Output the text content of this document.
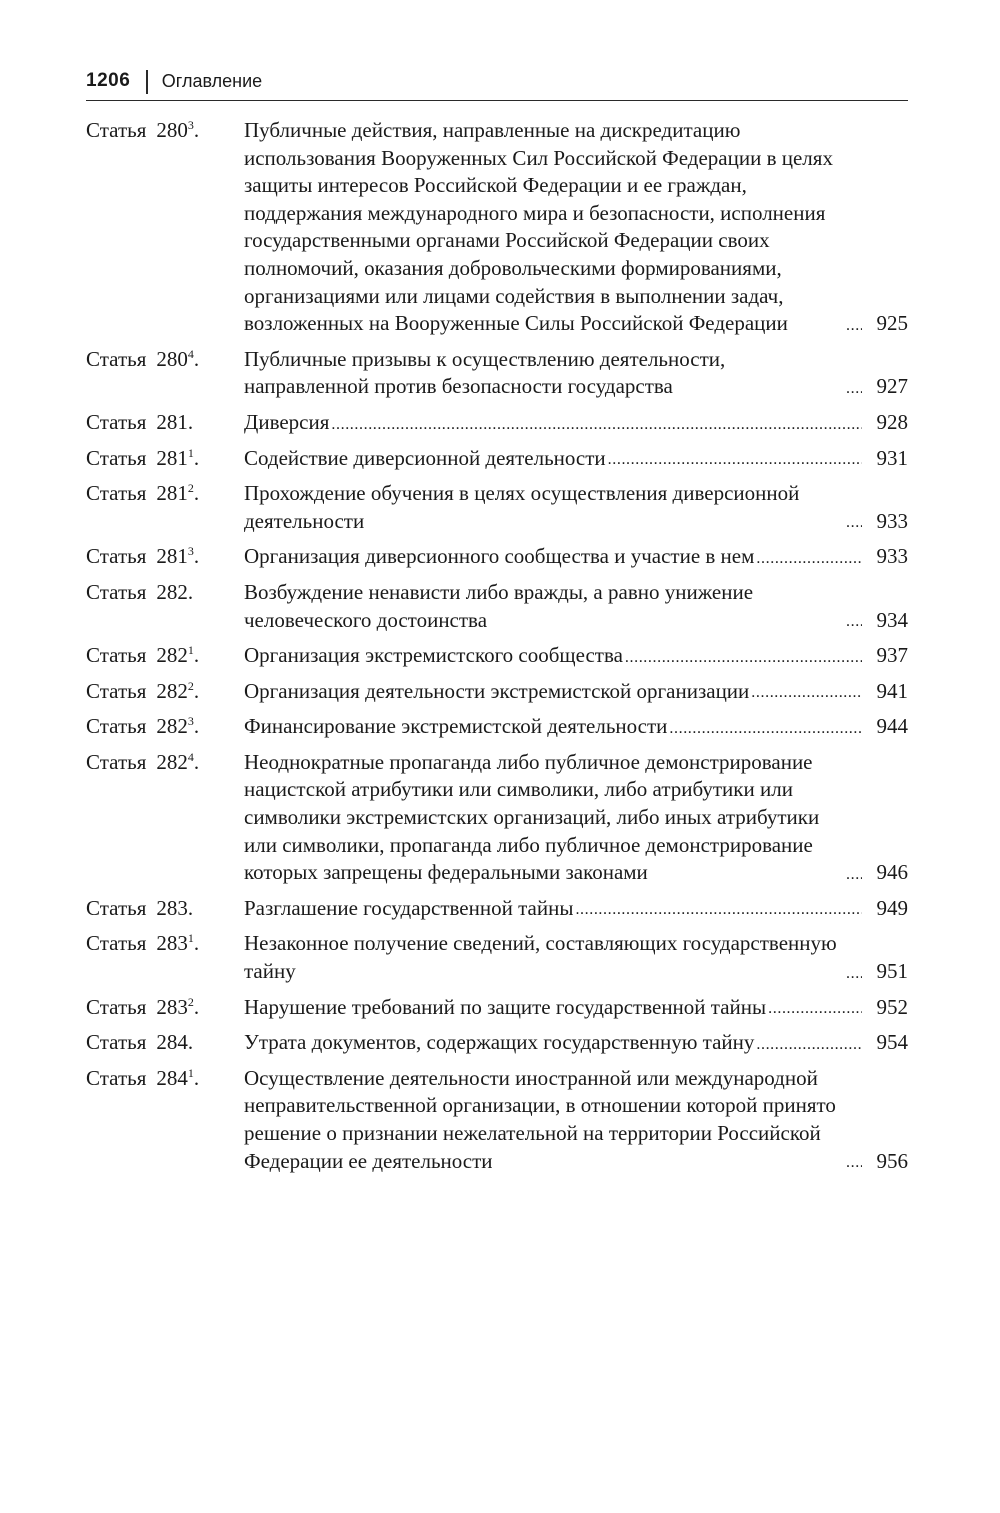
1206 Оглавление
Статья $280^3$.	Публичные действия, направленные на дискредитацию использования Вооруженных Сил Российской Федерации в целях защиты интересов Российской Федерации и ее граждан, поддержания международного мира и безопасности, исполнения государственными органами Российской Федерации своих полномочий, оказания добровольческими формированиями, организациями или лицами содействия в выполнении задач, возложенных на Вооруженные Силы Российской Федерации .....	925
Статья $280^4$.	Публичные призывы к осуществлению деятельности, направленной против безопасности государства .....	927
Статья 281.	Диверсия .....	928
Статья $281^1$.	Содействие диверсионной деятельности .....	931
Статья $281^2$.	Прохождение обучения в целях осуществления диверсионной деятельности .....	933
Статья $281^3$.	Организация диверсионного сообщества и участие в нем .....	933
Статья 282.	Возбуждение ненависти либо вражды, а равно унижение человеческого достоинства .....	934
Статья $282^1$.	Организация экстремистского сообщества .....	937
Статья $282^2$.	Организация деятельности экстремистской организации .....	941
Статья $282^3$.	Финансирование экстремистской деятельности .....	944
Статья $282^4$.	Неоднократные пропаганда либо публичное демонстрирование нацистской атрибутики или символики, либо атрибутики или символики экстремистских организаций, либо иных атрибутики или символики, пропаганда либо публичное демонстрирование которых запрещены федеральными законами .....	946
Статья 283.	Разглашение государственной тайны .....	949
Статья $283^1$.	Незаконное получение сведений, составляющих государственную тайну .....	951
Статья $283^2$.	Нарушение требований по защите государственной тайны .....	952
Статья 284.	Утрата документов, содержащих государственную тайну .....	954
Статья $284^1$.	Осуществление деятельности иностранной или международной неправительственной организации, в отношении которой принято решение о признании нежелательной на территории Российской Федерации ее деятельности .....	956
